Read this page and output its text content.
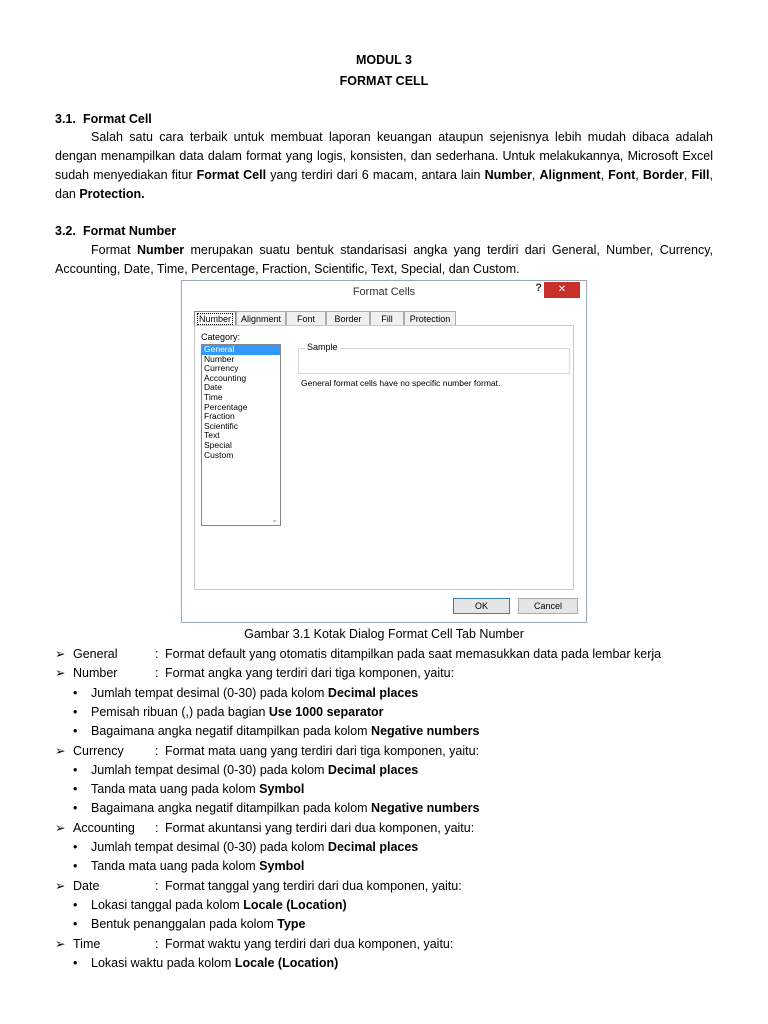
MODUL 3
FORMAT CELL
3.1. Format Cell
Salah satu cara terbaik untuk membuat laporan keuangan ataupun sejenisnya lebih mudah dibaca adalah dengan menampilkan data dalam format yang logis, konsisten, dan sederhana. Untuk melakukannya, Microsoft Excel sudah menyediakan fitur Format Cell yang terdiri dari 6 macam, antara lain Number, Alignment, Font, Border, Fill, dan Protection.
3.2. Format Number
Format Number merupakan suatu bentuk standarisasi angka yang terdiri dari General, Number, Currency, Accounting, Date, Time, Percentage, Fraction, Scientific, Text, Special, dan Custom.
Format Cells	?	✕
Number	Alignment	Font	Border	Fill	Protection
Category:
General
Number
Currency
Accounting
Date
Time
Percentage
Fraction
Scientific
Text
Special
Custom
⌄
Sample
General format cells have no specific number format.
OK	Cancel
Gambar 3.1 Kotak Dialog Format Cell Tab Number
➢ General	: Format default yang otomatis ditampilkan pada saat memasukkan data pada lembar kerja
➢ Number	: Format angka yang terdiri dari tiga komponen, yaitu:
• Jumlah tempat desimal (0-30) pada kolom Decimal places
• Pemisah ribuan (,) pada bagian Use 1000 separator
• Bagaimana angka negatif ditampilkan pada kolom Negative numbers
➢ Currency	: Format mata uang yang terdiri dari tiga komponen, yaitu:
• Jumlah tempat desimal (0-30) pada kolom Decimal places
• Tanda mata uang pada kolom Symbol
• Bagaimana angka negatif ditampilkan pada kolom Negative numbers
➢ Accounting : Format akuntansi yang terdiri dari dua komponen, yaitu:
• Jumlah tempat desimal (0-30) pada kolom Decimal places
• Tanda mata uang pada kolom Symbol
➢ Date	: Format tanggal yang terdiri dari dua komponen, yaitu:
• Lokasi tanggal pada kolom Locale (Location)
• Bentuk penanggalan pada kolom Type
➢ Time	: Format waktu yang terdiri dari dua komponen, yaitu:
• Lokasi waktu pada kolom Locale (Location)
